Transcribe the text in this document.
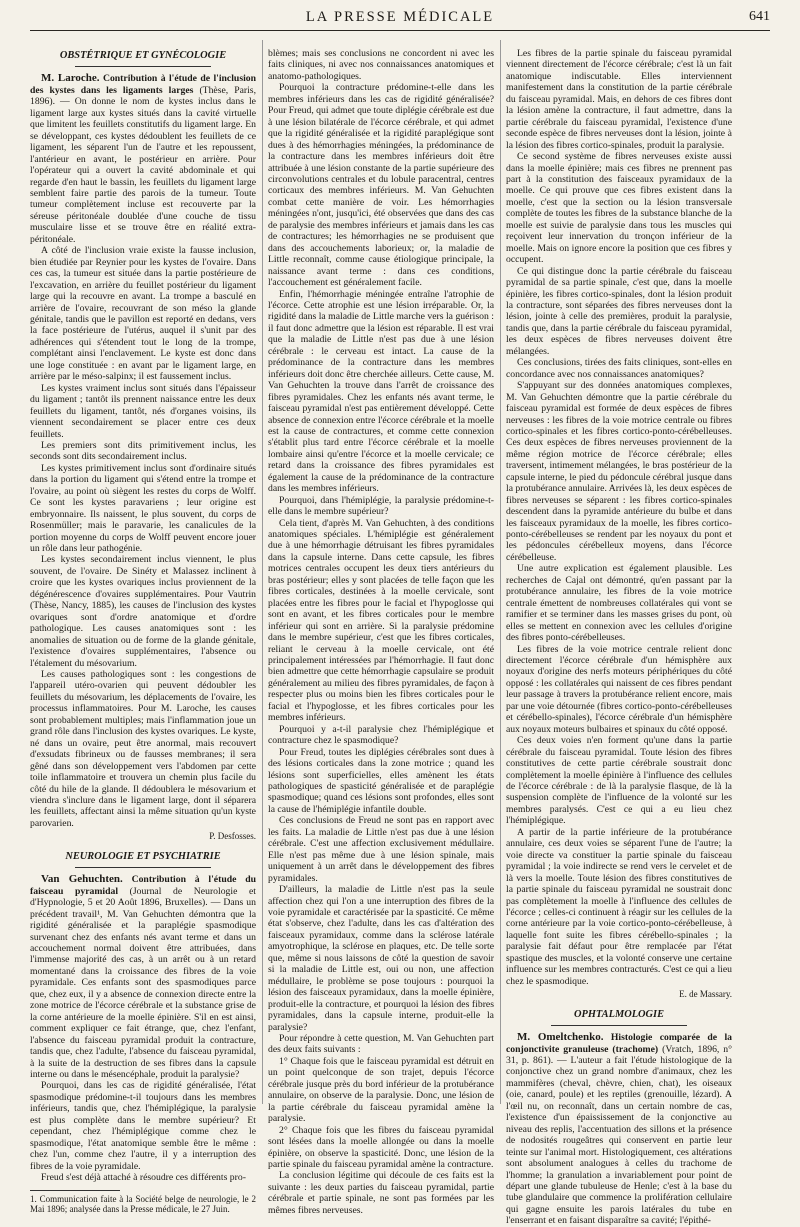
LA PRESSE MÉDICALE	641
OBSTÉTRIQUE ET GYNÉCOLOGIE

M. Laroche. Contribution à l'étude de l'inclusion des kystes dans les ligaments larges (Thèse, Paris, 1896). — On donne le nom de kystes inclus dans le ligament large aux kystes situés dans la cavité virtuelle que limitent les feuillets constitutifs du ligament large. En se développant, ces kystes dédoublent les feuillets de ce ligament, les séparent l'un de l'autre et les repoussent, l'antérieur en avant, le postérieur en arrière. Pour l'opérateur qui a ouvert la cavité abdominale et qui regarde d'en haut le bassin, les feuillets du ligament large semblent faire partie des parois de la tumeur. Toute tumeur complètement incluse est recouverte par la séreuse péritonéale doublée d'une couche de tissu musculaire lisse et se trouve être en réalité extra-péritonéale.

A côté de l'inclusion vraie existe la fausse inclusion, bien étudiée par Reynier pour les kystes de l'ovaire. Dans ces cas, la tumeur est située dans la partie postérieure de l'excavation, en arrière du feuillet postérieur du ligament large qui la recouvre en avant. La trompe a basculé en arrière de l'ovaire, recouvrant de son méso la glande génitale, tandis que le pavillon est reporté en dedans, vers la face postérieure de l'utérus, auquel il s'unit par des adhérences qui s'étendent tout le long de la trompe, complétant ainsi l'enclavement. Le kyste est donc dans une loge constituée : en avant par le ligament large, en arrière par le méso-salpinx; il est faussement inclus.

Les kystes vraiment inclus sont situés dans l'épaisseur du ligament ; tantôt ils prennent naissance entre les deux feuillets du ligament, tantôt, nés d'organes voisins, ils viennent secondairement se placer entre ces deux feuillets.

Les premiers sont dits primitivement inclus, les seconds sont dits secondairement inclus.

Les kystes primitivement inclus sont d'ordinaire situés dans la portion du ligament qui s'étend entre la trompe et l'ovaire, au point où siègent les restes du corps de Wolff. Ce sont les kystes paravariens ; leur origine est embryonnaire. Ils naissent, le plus souvent, du corps de Rosenmüller; mais le paravarie, les canalicules de la portion moyenne du corps de Wolff peuvent encore jouer un rôle dans leur pathogénie.

Les kystes secondairement inclus viennent, le plus souvent, de l'ovaire. De Sinéty et Malassez inclinent à croire que les kystes ovariques inclus proviennent de la dégénérescence d'ovaires supplémentaires. Pour Vautrin (Thèse, Nancy, 1885), les causes de l'inclusion des kystes ovariques sont d'ordre anatomique et d'ordre pathologique. Les causes anatomiques sont : les anomalies de situation ou de forme de la glande génitale, l'existence d'ovaires supplémentaires, l'absence ou l'étalement du mésovarium.

Les causes pathologiques sont : les congestions de l'appareil utéro-ovarien qui peuvent dédoubler les feuillets du mésovarium, les déplacements de l'ovaire, les processus inflammatoires. Pour M. Laroche, les causes sont probablement multiples; mais l'inflammation joue un grand rôle dans l'inclusion des kystes ovariques. Le kyste, né dans un ovaire, peut être anormal, mais recouvert d'exsudats fibrineux ou de fausses membranes; il sera gêné dans son développement vers l'abdomen par cette toile inflammatoire et trouvera un chemin plus facile du côté du hile de la glande. Il dédoublera le mésovarium et viendra s'inclure dans le ligament large, dont il séparera les feuillets, affectant ainsi la même situation qu'un kyste parovarien.

P. Desfosses.
NEUROLOGIE ET PSYCHIATRIE

Van Gehuchten. Contribution à l'étude du faisceau pyramidal (Journal de Neurologie et d'Hypnologie, 5 et 20 Août 1896, Bruxelles). — Dans un précédent travail¹, M. Van Gehuchten démontra que la rigidité généralisée et la paraplégie spasmodique survenant chez des enfants nés avant terme et dans un accouchement normal doivent être attribuées, dans l'immense majorité des cas, à un arrêt ou à un retard momentané dans la croissance des fibres de la voie pyramidale. Ces enfants sont des spasmodiques parce que, chez eux, il y a absence de connexion directe entre la zone motrice de l'écorce cérébrale et la substance grise de la corne antérieure de la moelle épinière. S'il en est ainsi, comment expliquer ce fait étrange, que, chez l'enfant, l'absence du faisceau pyramidal produit la contracture, tandis que, chez l'adulte, l'absence du faisceau pyramidal, à la suite de la destruction de ses fibres dans la capsule interne ou dans le mésencéphale, produit la paralysie?

Pourquoi, dans les cas de rigidité généralisée, l'état spasmodique prédomine-t-il toujours dans les membres inférieurs, tandis que, chez l'hémiplégique, la paralysie est plus complète dans le membre supérieur? Et cependant, chez l'hémiplégique comme chez le spasmodique, l'état anatomique semble être le même : chez l'un, comme chez l'autre, il y a interruption des fibres de la voie pyramidale.

Freud s'est déjà attaché à résoudre ces différents pro-

1. Communication faite à la Société belge de neurologie, le 2 Mai 1896; analysée dans la Presse médicale, le 27 Juin.

blèmes; mais ses conclusions ne concordent ni avec les faits cliniques, ni avec nos connaissances anatomiques et anatomo-pathologiques.

Pourquoi la contracture prédomine-t-elle dans les membres inférieurs dans les cas de rigidité généralisée? Pour Freud, qui admet que toute diplégie cérébrale est due à une lésion bilatérale de l'écorce cérébrale, et qui admet que la rigidité généralisée et la rigidité paraplégique sont dues à des hémorrhagies méningées, la prédominance de la contracture dans les membres inférieurs doit être attribuée à une lésion constante de la partie supérieure des circonvolutions centrales et du lobule paracentral, centres corticaux des membres inférieurs. M. Van Gehuchten combat cette manière de voir. Les hémorrhagies méningées n'ont, jusqu'ici, été observées que dans des cas de paralysie des membres inférieurs et jamais dans les cas de contractures; les hémorrhagies ne se produisent que dans des accouchements laborieux; or, la maladie de Little reconnaît, comme cause étiologique principale, la naissance avant terme : dans ces conditions, l'accouchement est généralement facile.

Enfin, l'hémorrhagie méningée entraîne l'atrophie de l'écorce. Cette atrophie est une lésion irréparable. Or, la rigidité dans la maladie de Little marche vers la guérison : il faut donc admettre que la lésion est réparable. Il est vrai que la maladie de Little n'est pas due à une lésion cérébrale : le cerveau est intact. La cause de la prédominance de la contracture dans les membres inférieurs doit donc être cherchée ailleurs. Cette cause, M. Van Gehuchten la trouve dans l'arrêt de croissance des fibres pyramidales. Chez les enfants nés avant terme, le faisceau pyramidal n'est pas entièrement développé. Cette absence de connexion entre l'écorce cérébrale et la moelle est la cause de contractures, et comme cette connexion s'établit plus tard entre l'écorce cérébrale et la moelle lombaire ainsi qu'entre l'écorce et la moelle cervicale; ce retard dans la croissance des fibres pyramidales est également la cause de la prédominance de la contracture dans les membres inférieurs.

Pourquoi, dans l'hémiplégie, la paralysie prédomine-t-elle dans le membre supérieur?

Cela tient, d'après M. Van Gehuchten, à des conditions anatomiques spéciales. L'hémiplégie est généralement due à une hémorrhagie détruisant les fibres pyramidales dans la capsule interne. Dans cette capsule, les fibres motrices centrales occupent les deux tiers antérieurs du bras postérieur; elles y sont placées de telle façon que les fibres corticales, destinées à la moelle cervicale, sont placées entre les fibres pour le facial et l'hypoglosse qui sont en avant, et les fibres corticales pour le membre inférieur qui sont en arrière. Si la paralysie prédomine dans le membre supérieur, c'est que les fibres corticales, reliant le cerveau à la moelle cervicale, ont été principalement intéressées par l'hémorrhagie. Il faut donc bien admettre que cette hémorrhagie capsulaire se produit généralement au milieu des fibres pyramidales, de façon à respecter plus ou moins bien les fibres corticales pour le facial et l'hypoglosse, et les fibres corticales pour les membres inférieurs.

Pourquoi y a-t-il paralysie chez l'hémiplégique et contracture chez le spasmodique?

Pour Freud, toutes les diplégies cérébrales sont dues à des lésions corticales dans la zone motrice ; quand les lésions sont superficielles, elles amènent les états pathologiques de spasticité généralisée et de paraplégie spasmodique; quand ces lésions sont profondes, elles sont la cause de l'hémiplégie infantile double.

Ces conclusions de Freud ne sont pas en rapport avec les faits. La maladie de Little n'est pas due à une lésion cérébrale. C'est une affection exclusivement médullaire. Elle n'est pas même due à une lésion spinale, mais uniquement à un arrêt dans le développement des fibres pyramidales.

D'ailleurs, la maladie de Little n'est pas la seule affection chez qui l'on a une interruption des fibres de la voie pyramidale et caractérisée par la spasticité. Ce même état s'observe, chez l'adulte, dans les cas d'altération des faisceaux pyramidaux, comme dans la sclérose latérale amyotrophique, la sclérose en plaques, etc. De telle sorte que, même si nous laissons de côté la question de savoir si la maladie de Little est, oui ou non, une affection médullaire, le problème se pose toujours : pourquoi la lésion des faisceaux pyramidaux, dans la moelle épinière, produit-elle la contracture, et pourquoi la lésion des fibres pyramidales, dans la capsule interne, produit-elle la paralysie?

Pour répondre à cette question, M. Van Gehuchten part des deux faits suivants :

1° Chaque fois que le faisceau pyramidal est détruit en un point quelconque de son trajet, depuis l'écorce cérébrale jusque près du bord inférieur de la protubérance annulaire, on observe de la paralysie. Donc, une lésion de la partie cérébrale du faisceau pyramidal amène la paralysie.

2° Chaque fois que les fibres du faisceau pyramidal sont lésées dans la moelle allongée ou dans la moelle épinière, on observe la spasticité. Donc, une lésion de la partie spinale du faisceau pyramidal amène la contracture.

La conclusion légitime qui découle de ces faits est la suivante : les deux parties du faisceau pyramidal, partie cérébrale et partie spinale, ne sont pas formées par les mêmes fibres nerveuses.

Les fibres de la partie spinale du faisceau pyramidal viennent directement de l'écorce cérébrale; c'est là un fait anatomique indiscutable. Elles interviennent manifestement dans la constitution de la partie cérébrale du faisceau pyramidal. Mais, en dehors de ces fibres dont la lésion amène la contracture, il faut admettre, dans la partie cérébrale du faisceau pyramidal, l'existence d'une seconde espèce de fibres nerveuses dont la lésion, jointe à la lésion des fibres cortico-spinales, produit la paralysie.

Ce second système de fibres nerveuses existe aussi dans la moelle épinière; mais ces fibres ne prennent pas part à la constitution des faisceaux pyramidaux de la moelle. Ce qui prouve que ces fibres existent dans la moelle, c'est que la section ou la lésion transversale complète de toutes les fibres de la substance blanche de la moelle est suivie de paralysie dans tous les muscles qui reçoivent leur innervation du tronçon inférieur de la moelle. Mais on ignore encore la position que ces fibres y occupent.

Ce qui distingue donc la partie cérébrale du faisceau pyramidal de sa partie spinale, c'est que, dans la moelle épinière, les fibres cortico-spinales, dont la lésion produit la contracture, sont séparées des fibres nerveuses dont la lésion, jointe à celle des premières, produit la paralysie, tandis que, dans la partie cérébrale du faisceau pyramidal, les deux espèces de fibres nerveuses doivent être mélangées.

Ces conclusions, tirées des faits cliniques, sont-elles en concordance avec nos connaissances anatomiques?

S'appuyant sur des données anatomiques complexes, M. Van Gehuchten démontre que la partie cérébrale du faisceau pyramidal est formée de deux espèces de fibres nerveuses : les fibres de la voie motrice centrale ou fibres cortico-spinales et les fibres cortico-ponto-cérébelleuses. Ces deux espèces de fibres nerveuses proviennent de la même région motrice de l'écorce cérébrale; elles traversent, intimement mélangées, le bras postérieur de la capsule interne, le pied du pédoncule cérébral jusque dans la protubérance annulaire. Arrivées là, les deux espèces de fibres nerveuses se séparent : les fibres cortico-spinales descendent dans la pyramide antérieure du bulbe et dans les faisceaux pyramidaux de la moelle, les fibres cortico-ponto-cérébelleuses se rendent par les noyaux du pont et les pédoncules cérébelleux moyens, dans l'écorce cérébelleuse.

Une autre explication est également plausible. Les recherches de Cajal ont démontré, qu'en passant par la protubérance annulaire, les fibres de la voie motrice centrale émettent de nombreuses collatérales qui vont se ramifier et se terminer dans les masses grises du pont, où elles se mettent en connexion avec les cellules d'origine des fibres ponto-cérébelleuses.

Les fibres de la voie motrice centrale relient donc directement l'écorce cérébrale d'un hémisphère aux noyaux d'origine des nerfs moteurs périphériques du côté opposé : les collatérales qui naissent de ces fibres pendant leur passage à travers la protubérance relient encore, mais par une voie détournée (fibres cortico-ponto-cérébelleuses et cérébello-spinales), l'écorce cérébrale d'un hémisphère aux noyaux moteurs bulbaires et spinaux du côté opposé.

Ces deux voies n'en forment qu'une dans la partie cérébrale du faisceau pyramidal. Toute lésion des fibres constitutives de cette partie cérébrale soustrait donc complètement la moelle épinière à l'influence des cellules de l'écorce cérébrale : de là la paralysie flasque, de là la suspension complète de l'influence de la volonté sur les membres paralysés. C'est ce qui a eu lieu chez l'hémiplégique.

A partir de la partie inférieure de la protubérance annulaire, ces deux voies se séparent l'une de l'autre; la voie directe va constituer la partie spinale du faisceau pyramidal ; la voie indirecte se rend vers le cervelet et de là vers la moelle. Toute lésion des fibres constitutives de la partie spinale du faisceau pyramidal ne soustrait donc pas complètement la moelle à l'influence des cellules de l'écorce ; celles-ci continuent à réagir sur les cellules de la corne antérieure par la voie cortico-ponto-cérébelleuse, à laquelle font suite les fibres cérébello-spinales ; la paralysie fait défaut pour être remplacée par l'état spastique des muscles, et la volonté conserve une certaine influence sur les membres contracturés. C'est ce qui a lieu chez le spasmodique.

E. de Massary.
OPHTALMOLOGIE

M. Omeltchenko. Histologie comparée de la conjonctivite granuleuse (trachome) (Vratch, 1896, n° 31, p. 861). — L'auteur a fait l'étude histologique de la conjonctive chez un grand nombre d'animaux, chez les mammifères (cheval, chèvre, chien, chat), les oiseaux (oie, canard, poule) et les reptiles (grenouille, lézard). A l'œil nu, on reconnaît, dans un certain nombre de cas, l'existence d'un épaississement de la conjonctive au niveau des replis, l'accentuation des sillons et la présence de nodosités rougeâtres qui conservent en partie leur teinte sur l'animal mort. Histologiquement, ces altérations sont absolument analogues à celles du trachome de l'homme; la granulation a invariablement pour point de départ une glande tubuleuse de Henle; c'est à la base du tube glandulaire que commence la prolifération cellulaire qui gagne ensuite les parois latérales du tube en l'enserrant et en faisant disparaître sa cavité; l'épithé-
